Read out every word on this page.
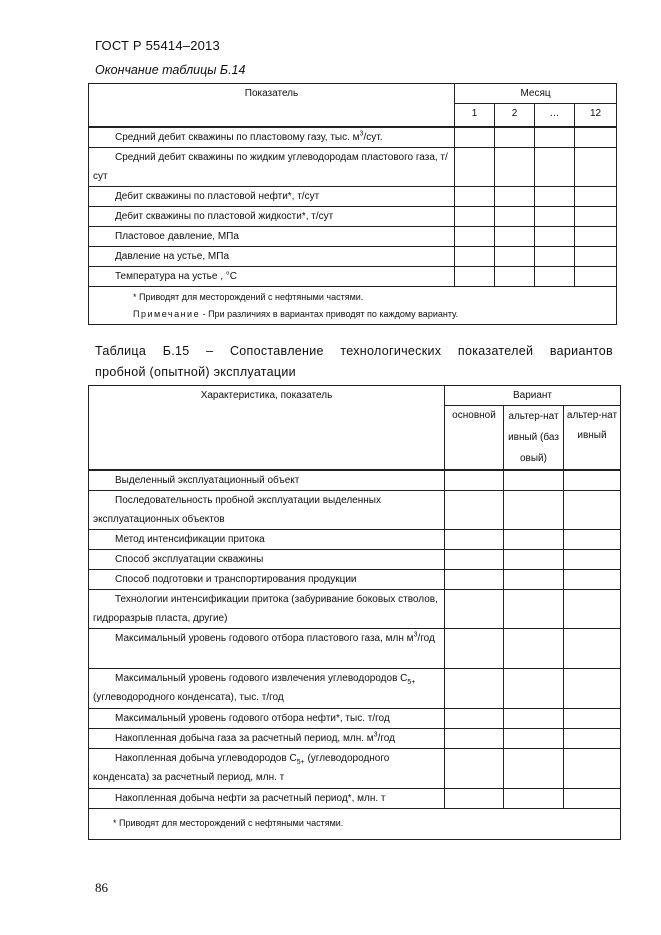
ГОСТ Р 55414–2013
Окончание таблицы Б.14
Показатель	Месяц			
	1	2	…	12
Средний дебит скважины по пластовому газу, тыс. $м^3$/сут.				
Средний дебит скважины по жидким углеводородам пластового газа, т/сут				
Дебит скважины по пластовой нефти*, т/сут				
Дебит скважины по пластовой жидкости*, т/сут				
Пластовое давление, МПа				
Давление на устье, МПа				
Температура на устье , °С				

* Приводят для месторождений с нефтяными частями.
Примечание - При различиях в вариантах приводят по каждому варианту.				
Таблица Б.15 – Сопоставление технологических показателей вариантов
пробной (опытной) эксплуатации
Характеристика, показатель	Вариант		
	основной	альтер-нативный (базовый)	альтер-нативный
Выделенный эксплуатационный объект			
Последовательность пробной эксплуатации выделенных эксплуатационных объектов			
Метод интенсификации притока			
Способ эксплуатации скважины			
Способ подготовки и транспортирования продукции			
Технологии интенсификации притока (забуривание боковых стволов, гидроразрыв пласта, другие)			
Максимальный уровень годового отбора пластового газа, млн $м^3$/год			
Максимальный уровень годового извлечения углеводородов $С_{5+}$ (углеводородного конденсата), тыс. т/год			
Максимальный уровень годового отбора нефти*, тыс. т/год			
Накопленная добыча газа за расчетный период, млн. $м^3$/год			
Накопленная добыча углеводородов $С_{5+}$ (углеводородного конденсата) за расчетный период, млн. т			
Накопленная добыча нефти за расчетный период*, млн. т			
* Приводят для месторождений с нефтяными частями.			
86
